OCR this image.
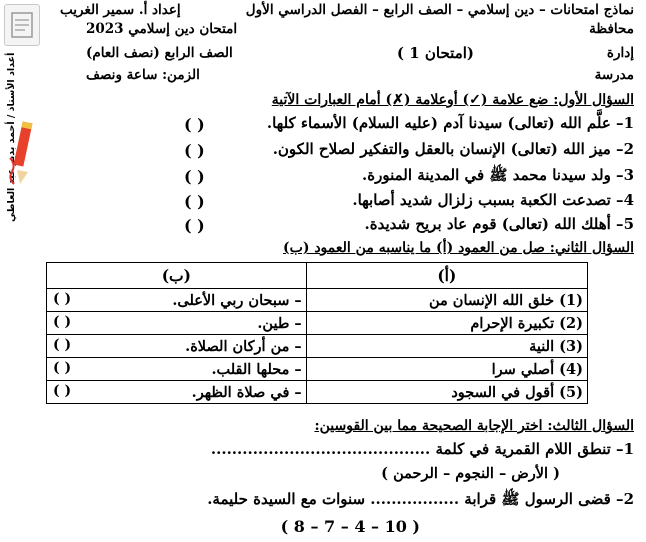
أعداد الأستاذ / أحمد بدير عبد العاطي
نماذج امتحانات – دين إسلامي – الصف الرابع – الفصل الدراسي الأول
إعداد أ. سمير الغريب
محافظة
امتحان دين إسلامي 2023
إدارة
(امتحان 1 )
الصف الرابع (نصف العام)
مدرسة
الزمن: ساعة ونصف
السؤال الأول: ضع علامة (✓) أوعلامة (✗) أمام العبارات الآتية
1– علَّم الله (تعالى) سيدنا آدم (عليه السلام) الأسماء كلها.
( )
2– ميز الله (تعالى) الإنسان بالعقل والتفكير لصلاح الكون.
( )
3– ولد سيدنا محمد ﷺ في المدينة المنورة.
( )
4– تصدعت الكعبة بسبب زلزال شديد أصابها.
( )
5– أهلك الله (تعالى) قوم عاد بريح شديدة.
( )
السؤال الثاني: صل من العمود (أ) ما يناسبه من العمود (ب)
(أ)	(ب)
(1) خلق الله الإنسان من	– سبحان ربي الأعلى.
( )

(2) تكبيرة الإحرام	– طين.
( )

(3) النية	– من أركان الصلاة.
( )

(4) أصلي سرا	– محلها القلب.
( )

(5) أقول في السجود	– في صلاة الظهر.
( )
السؤال الثالث: اختر الإجابة الصحيحة مما بين القوسين:
1– تنطق اللام القمرية في كلمة ..........................................
( الأرض – النجوم – الرحمن )
2– قضى الرسول ﷺ قرابة ................. سنوات مع السيدة حليمة.
( 10 – 4 – 7 – 8 )
